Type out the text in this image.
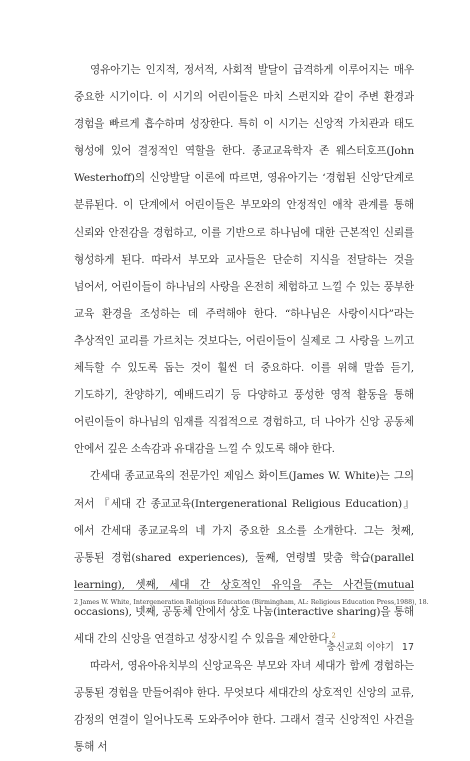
영유아기는 인지적, 정서적, 사회적 발달이 급격하게 이루어지는 매우 중요한 시기이다. 이 시기의 어린이들은 마치 스펀지와 같이 주변 환경과 경험을 빠르게 흡수하며 성장한다. 특히 이 시기는 신앙적 가치관과 태도 형성에 있어 결정적인 역할을 한다. 종교교육학자 존 웨스터호프(John Westerhoff)의 신앙발달 이론에 따르면, 영유아기는 ‘경험된 신앙’단계로 분류된다. 이 단계에서 어린이들은 부모와의 안정적인 애착 관계를 통해 신뢰와 안전감을 경험하고, 이를 기반으로 하나님에 대한 근본적인 신뢰를 형성하게 된다. 따라서 부모와 교사들은 단순히 지식을 전달하는 것을 넘어서, 어린이들이 하나님의 사랑을 온전히 체험하고 느낄 수 있는 풍부한 교육 환경을 조성하는 데 주력해야 한다. “하나님은 사랑이시다”라는 추상적인 교리를 가르치는 것보다는, 어린이들이 실제로 그 사랑을 느끼고 체득할 수 있도록 돕는 것이 훨씬 더 중요하다. 이를 위해 말씀 듣기, 기도하기, 찬양하기, 예배드리기 등 다양하고 풍성한 영적 활동을 통해 어린이들이 하나님의 임재를 직접적으로 경험하고, 더 나아가 신앙 공동체 안에서 깊은 소속감과 유대감을 느낄 수 있도록 해야 한다.

간세대 종교교육의 전문가인 제임스 화이트(James W. White)는 그의 저서 『세대 간 종교교육(Intergenerational Religious Education)』에서 간세대 종교교육의 네 가지 중요한 요소를 소개한다. 그는 첫째, 공통된 경험(shared experiences), 둘째, 연령별 맞춤 학습(parallel learning), 셋째, 세대 간 상호적인 유익을 주는 사건들(mutual occasions), 넷째, 공동체 안에서 상호 나눔(interactive sharing)을 통해 세대 간의 신앙을 연결하고 성장시킬 수 있음을 제안한다.$^2$

따라서, 영유아유치부의 신앙교육은 부모와 자녀 세대가 함께 경험하는 공통된 경험을 만들어줘야 한다. 무엇보다 세대간의 상호적인 신앙의 교류, 감정의 연결이 일어나도록 도와주어야 한다. 그래서 결국 신앙적인 사건을 통해 서

2 James W. White, Intergeneration Religious Education (Birmingham, AL: Religious Education Press,1988), 18.

충신교회 이야기 17
